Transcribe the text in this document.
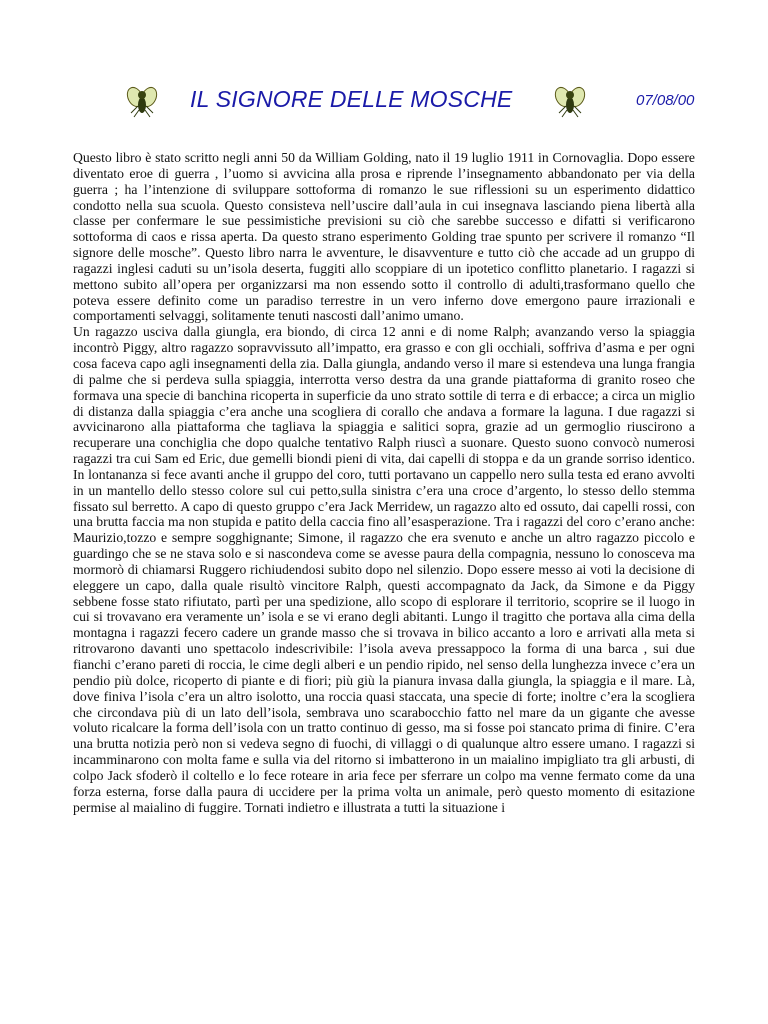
IL SIGNORE DELLE MOSCHE	07/08/00

Questo libro è stato scritto negli anni 50 da William Golding, nato il 19 luglio 1911 in Cornovaglia. Dopo essere diventato eroe di guerra , l’uomo si avvicina alla prosa e riprende l’insegnamento abbandonato per via della guerra ; ha l’intenzione di sviluppare sottoforma di romanzo le sue riflessioni su un esperimento didattico condotto nella sua scuola. Questo consisteva nell’uscire dall’aula in cui insegnava lasciando piena libertà alla classe per confermare le sue pessimistiche previsioni su ciò che sarebbe successo e difatti si verificarono sottoforma di caos e rissa aperta. Da questo strano esperimento Golding trae spunto per scrivere il romanzo “Il signore delle mosche”. Questo libro narra le avventure, le disavventure e tutto ciò che accade ad un gruppo di ragazzi inglesi caduti su un’isola deserta, fuggiti allo scoppiare di un ipotetico conflitto planetario. I ragazzi si mettono subito all’opera per organizzarsi ma non essendo sotto il controllo di adulti,trasformano quello che poteva essere definito come un paradiso terrestre in un vero inferno dove emergono paure irrazionali e comportamenti selvaggi, solitamente tenuti nascosti dall’animo umano.

Un ragazzo usciva dalla giungla, era biondo, di circa 12 anni e di nome Ralph; avanzando verso la spiaggia incontrò Piggy, altro ragazzo sopravvissuto all’impatto, era grasso e con gli occhiali, soffriva d’asma e per ogni cosa faceva capo agli insegnamenti della zia. Dalla giungla, andando verso il mare si estendeva una lunga frangia di palme che si perdeva sulla spiaggia, interrotta verso destra da una grande piattaforma di granito roseo che formava una specie di banchina ricoperta in superficie da uno strato sottile di terra e di erbacce; a circa un miglio di distanza dalla spiaggia c’era anche una scogliera di corallo che andava a formare la laguna. I due ragazzi si avvicinarono alla piattaforma che tagliava la spiaggia e salitici sopra, grazie ad un germoglio riuscirono a recuperare una conchiglia che dopo qualche tentativo Ralph riuscì a suonare. Questo suono convocò numerosi ragazzi tra cui Sam ed Eric, due gemelli biondi pieni di vita, dai capelli di stoppa e da un grande sorriso identico. In lontananza si fece avanti anche il gruppo del coro, tutti portavano un cappello nero sulla testa ed erano avvolti in un mantello dello stesso colore sul cui petto,sulla sinistra c’era una croce d’argento, lo stesso dello stemma fissato sul berretto. A capo di questo gruppo c’era Jack Merridew, un ragazzo alto ed ossuto, dai capelli rossi, con una brutta faccia ma non stupida e patito della caccia fino all’esasperazione. Tra i ragazzi del coro c’erano anche: Maurizio,tozzo e sempre sogghignante; Simone, il ragazzo che era svenuto e anche un altro ragazzo piccolo e guardingo che se ne stava solo e si nascondeva come se avesse paura della compagnia, nessuno lo conosceva ma mormorò di chiamarsi Ruggero richiudendosi subito dopo nel silenzio. Dopo essere messo ai voti la decisione di eleggere un capo, dalla quale risultò vincitore Ralph, questi accompagnato da Jack, da Simone e da Piggy sebbene fosse stato rifiutato, partì per una spedizione, allo scopo di esplorare il territorio, scoprire se il luogo in cui si trovavano era veramente un’ isola e se vi erano degli abitanti. Lungo il tragitto che portava alla cima della montagna i ragazzi fecero cadere un grande masso che si trovava in bilico accanto a loro e arrivati alla meta si ritrovarono davanti uno spettacolo indescrivibile: l’isola aveva pressappoco la forma di una barca , sui due fianchi c’erano pareti di roccia, le cime degli alberi e un pendio ripido, nel senso della lunghezza invece c’era un pendio più dolce, ricoperto di piante e di fiori; più giù la pianura invasa dalla giungla, la spiaggia e il mare. Là, dove finiva l’isola c’era un altro isolotto, una roccia quasi staccata, una specie di forte; inoltre c’era la scogliera che circondava più di un lato dell’isola, sembrava uno scarabocchio fatto nel mare da un gigante che avesse voluto ricalcare la forma dell’isola con un tratto continuo di gesso, ma si fosse poi stancato prima di finire. C’era una brutta notizia però non si vedeva segno di fuochi, di villaggi o di qualunque altro essere umano. I ragazzi si incamminarono con molta fame e sulla via del ritorno si imbatterono in un maialino impigliato tra gli arbusti, di colpo Jack sfoderò il coltello e lo fece roteare in aria fece per sferrare un colpo ma venne fermato come da una forza esterna, forse dalla paura di uccidere per la prima volta un animale, però questo momento di esitazione permise al maialino di fuggire. Tornati indietro e illustrata a tutti la situazione i
